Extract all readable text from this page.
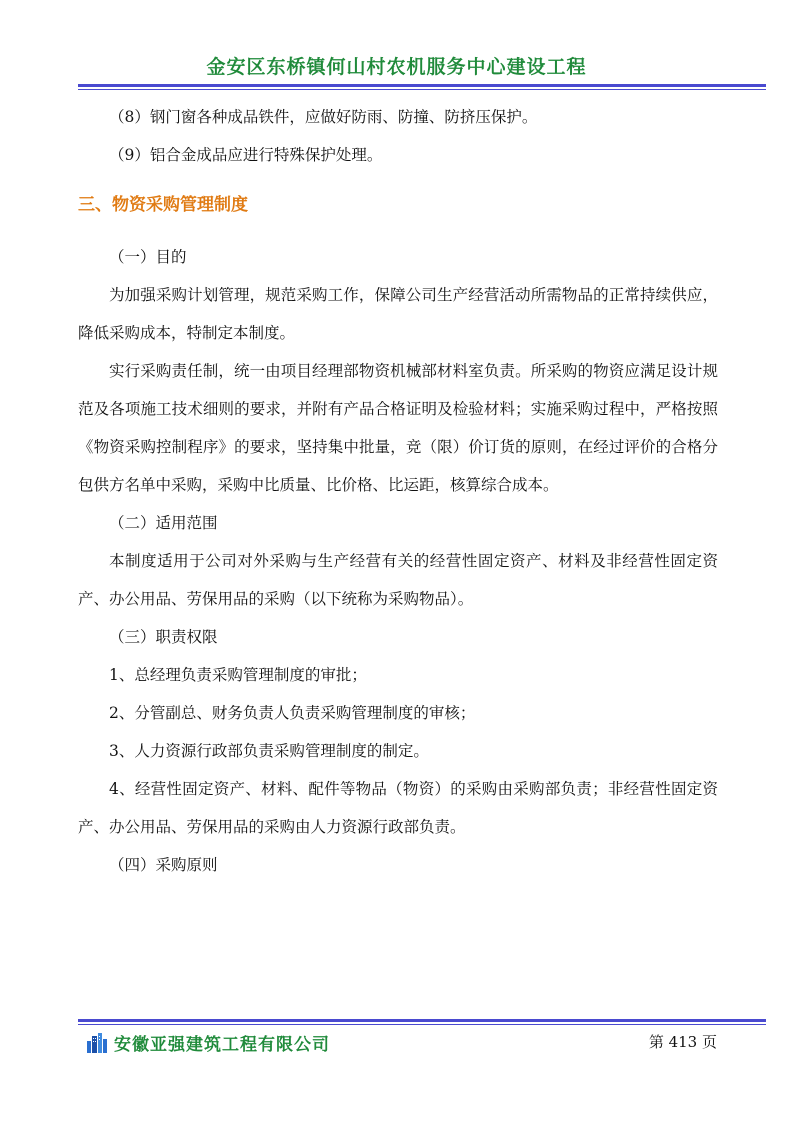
金安区东桥镇何山村农机服务中心建设工程

（8）钢门窗各种成品铁件，应做好防雨、防撞、防挤压保护。

（9）铝合金成品应进行特殊保护处理。

三、物资采购管理制度

（一）目的

为加强采购计划管理，规范采购工作，保障公司生产经营活动所需物品的正常持续供应，降低采购成本，特制定本制度。

实行采购责任制，统一由项目经理部物资机械部材料室负责。所采购的物资应满足设计规范及各项施工技术细则的要求，并附有产品合格证明及检验材料；实施采购过程中，严格按照《物资采购控制程序》的要求，坚持集中批量，竞（限）价订货的原则，在经过评价的合格分包供方名单中采购，采购中比质量、比价格、比运距，核算综合成本。

（二）适用范围

本制度适用于公司对外采购与生产经营有关的经营性固定资产、材料及非经营性固定资产、办公用品、劳保用品的采购（以下统称为采购物品）。

（三）职责权限

1、总经理负责采购管理制度的审批；

2、分管副总、财务负责人负责采购管理制度的审核；

3、人力资源行政部负责采购管理制度的制定。

4、经营性固定资产、材料、配件等物品（物资）的采购由采购部负责；非经营性固定资产、办公用品、劳保用品的采购由人力资源行政部负责。

（四）采购原则

安徽亚强建筑工程有限公司	第 413 页
